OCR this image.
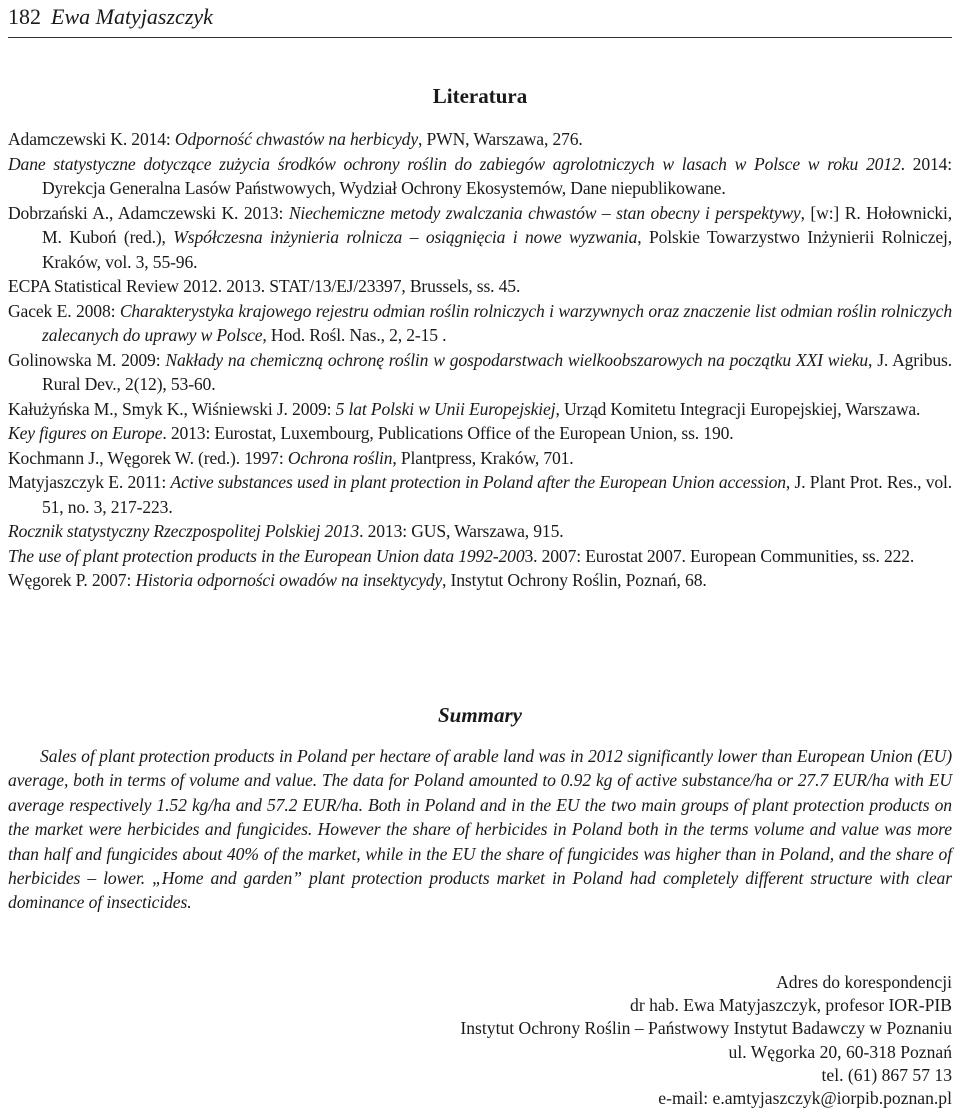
182 Ewa Matyjaszczyk
Literatura

Adamczewski K. 2014: Odporność chwastów na herbicydy, PWN, Warszawa, 276.

Dane statystyczne dotyczące zużycia środków ochrony roślin do zabiegów agrolotniczych w lasach w Polsce w roku 2012. 2014: Dyrekcja Generalna Lasów Państwowych, Wydział Ochrony Ekosystemów, Dane niepublikowane.

Dobrzański A., Adamczewski K. 2013: Niechemiczne metody zwalczania chwastów – stan obecny i perspektywy, [w:] R. Hołownicki, M. Kuboń (red.), Współczesna inżynieria rolnicza – osiągnięcia i nowe wyzwania, Polskie Towarzystwo Inżynierii Rolniczej, Kraków, vol. 3, 55-96.

ECPA Statistical Review 2012. 2013. STAT/13/EJ/23397, Brussels, ss. 45.

Gacek E. 2008: Charakterystyka krajowego rejestru odmian roślin rolniczych i warzywnych oraz znaczenie list odmian roślin rolniczych zalecanych do uprawy w Polsce, Hod. Rośl. Nas., 2, 2-15 .

Golinowska M. 2009: Nakłady na chemiczną ochronę roślin w gospodarstwach wielkoobszarowych na początku XXI wieku, J. Agribus. Rural Dev., 2(12), 53-60.

Kałużyńska M., Smyk K., Wiśniewski J. 2009: 5 lat Polski w Unii Europejskiej, Urząd Komitetu Integracji Europejskiej, Warszawa.

Key figures on Europe. 2013: Eurostat, Luxembourg, Publications Office of the European Union, ss. 190.

Kochmann J., Węgorek W. (red.). 1997: Ochrona roślin, Plantpress, Kraków, 701.

Matyjaszczyk E. 2011: Active substances used in plant protection in Poland after the European Union accession, J. Plant Prot. Res., vol. 51, no. 3, 217-223.

Rocznik statystyczny Rzeczpospolitej Polskiej 2013. 2013: GUS, Warszawa, 915.

The use of plant protection products in the European Union data 1992-2003. 2007: Eurostat 2007. European Communities, ss. 222.

Węgorek P. 2007: Historia odporności owadów na insektycydy, Instytut Ochrony Roślin, Poznań, 68.

Summary

Sales of plant protection products in Poland per hectare of arable land was in 2012 significantly lower than European Union (EU) average, both in terms of volume and value. The data for Poland amounted to 0.92 kg of active substance/ha or 27.7 EUR/ha with EU average respectively 1.52 kg/ha and 57.2 EUR/ha. Both in Poland and in the EU the two main groups of plant protection products on the market were herbicides and fungicides. However the share of herbicides in Poland both in the terms volume and value was more than half and fungicides about 40% of the market, while in the EU the share of fungicides was higher than in Poland, and the share of herbicides – lower. „Home and garden” plant protection products market in Poland had completely different structure with clear dominance of insecticides.

Adres do korespondencji
dr hab. Ewa Matyjaszczyk, profesor IOR-PIB
Instytut Ochrony Roślin – Państwowy Instytut Badawczy w Poznaniu
ul. Węgorka 20, 60-318 Poznań
tel. (61) 867 57 13
e-mail: e.amtyjaszczyk@iorpib.poznan.pl
